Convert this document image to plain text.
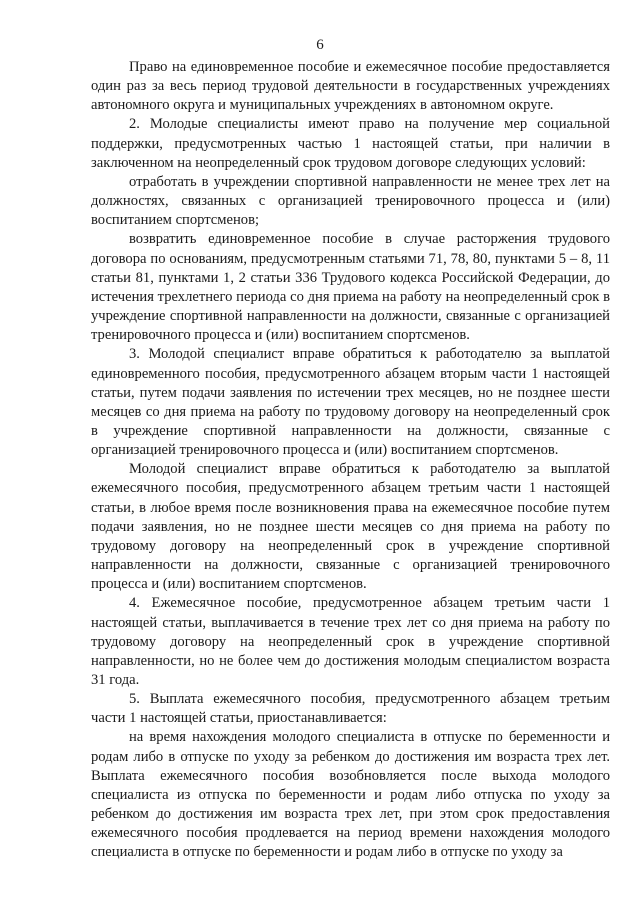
6

Право на единовременное пособие и ежемесячное пособие предоставляется один раз за весь период трудовой деятельности в государственных учреждениях автономного округа и муниципальных учреждениях в автономном округе.

2. Молодые специалисты имеют право на получение мер социальной поддержки, предусмотренных частью 1 настоящей статьи, при наличии в заключенном на неопределенный срок трудовом договоре следующих условий:

отработать в учреждении спортивной направленности не менее трех лет на должностях, связанных с организацией тренировочного процесса и (или) воспитанием спортсменов;

возвратить единовременное пособие в случае расторжения трудового договора по основаниям, предусмотренным статьями 71, 78, 80, пунктами 5 – 8, 11 статьи 81, пунктами 1, 2 статьи 336 Трудового кодекса Российской Федерации, до истечения трехлетнего периода со дня приема на работу на неопределенный срок в учреждение спортивной направленности на должности, связанные с организацией тренировочного процесса и (или) воспитанием спортсменов.

3. Молодой специалист вправе обратиться к работодателю за выплатой единовременного пособия, предусмотренного абзацем вторым части 1 настоящей статьи, путем подачи заявления по истечении трех месяцев, но не позднее шести месяцев со дня приема на работу по трудовому договору на неопределенный срок в учреждение спортивной направленности на должности, связанные с организацией тренировочного процесса и (или) воспитанием спортсменов.

Молодой специалист вправе обратиться к работодателю за выплатой ежемесячного пособия, предусмотренного абзацем третьим части 1 настоящей статьи, в любое время после возникновения права на ежемесячное пособие путем подачи заявления, но не позднее шести месяцев со дня приема на работу по трудовому договору на неопределенный срок в учреждение спортивной направленности на должности, связанные с организацией тренировочного процесса и (или) воспитанием спортсменов.

4. Ежемесячное пособие, предусмотренное абзацем третьим части 1 настоящей статьи, выплачивается в течение трех лет со дня приема на работу по трудовому договору на неопределенный срок в учреждение спортивной направленности, но не более чем до достижения молодым специалистом возраста 31 года.

5. Выплата ежемесячного пособия, предусмотренного абзацем третьим части 1 настоящей статьи, приостанавливается:

на время нахождения молодого специалиста в отпуске по беременности и родам либо в отпуске по уходу за ребенком до достижения им возраста трех лет. Выплата ежемесячного пособия возобновляется после выхода молодого специалиста из отпуска по беременности и родам либо отпуска по уходу за ребенком до достижения им возраста трех лет, при этом срок предоставления ежемесячного пособия продлевается на период времени нахождения молодого специалиста в отпуске по беременности и родам либо в отпуске по уходу за
